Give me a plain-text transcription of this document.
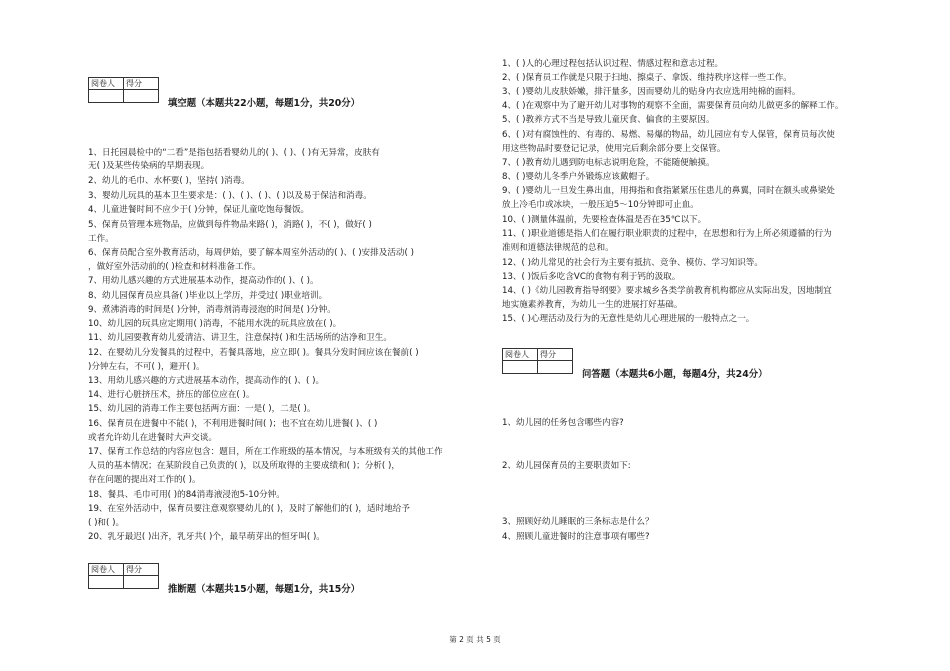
阅卷人	得分

填空题（本题共22小题，每题1分，共20分）
1、日托园晨检中的“二看”是指包括看婴幼儿的( )、( )、( )有无异常，皮肤有
无( )及某些传染病的早期表现。
2、幼儿的毛巾、水杯要( )，坚持( )消毒。
3、婴幼儿玩具的基本卫生要求是：( )、( )、( )、( )以及易于保洁和消毒。
4、儿童进餐时间不应少于( )分钟，保证儿童吃饱每餐饭。
5、保育员管理本班物品，应做到每件物品来路( )，消路( )，不( )，做好( )
工作。
6、保育员配合室外教育活动，每周伊始，要了解本周室外活动的( )、( )安排及活动( )
，做好室外活动前的( )检查和材料准备工作。
7、用幼儿感兴趣的方式进展基本动作，提高动作的( )、( )。
8、幼儿园保育员应具备( )毕业以上学历，并受过( )职业培训。
9、煮沸消毒的时间是( )分钟，消毒剂消毒浸泡的时间是( )分钟。
10、幼儿园的玩具应定期用( )消毒，不能用水洗的玩具应放在( )。
11、幼儿园要教育幼儿爱清洁、讲卫生，注意保持( )和生活场所的洁净和卫生。
12、在婴幼儿分发餐具的过程中，若餐具落地，应立即( )。餐具分发时间应该在餐前( )
)分钟左右，不可( )，避开( )。
13、用幼儿感兴趣的方式进展基本动作，提高动作的( )、( )。
14、进行心脏挤压术，挤压的部位应在( )。
15、幼儿园的消毒工作主要包括两方面：一是( )，二是( )。
16、保育员在进餐中不能( )，不利用进餐时间( )；也不宜在幼儿进餐( )、( )
或者允许幼儿在进餐时大声交谈。
17、保育工作总结的内容应包含：题目，所在工作班级的基本情况，与本班级有关的其他工作
人员的基本情况；在某阶段自己负责的( )，以及所取得的主要成绩和( )；分析( )，
存在问题的提出对工作的( )。
18、餐具、毛巾可用( )的84消毒液浸泡5-10分钟。
19、在室外活动中，保育员要注意观察婴幼儿的( )，及时了解他们的( )，适时地给予
( )和( )。
20、乳牙最迟( )出齐，乳牙共( )个，最早萌芽出的恒牙叫( )。
阅卷人	得分

推断题（本题共15小题，每题1分，共15分）
1、( )人的心理过程包括认识过程、情感过程和意志过程。
2、( )保育员工作就是只限于扫地、擦桌子、拿饭、维持秩序这样一些工作。
3、( )婴幼儿皮肤娇嫩，排汗量多，因而婴幼儿的贴身内衣应选用纯棉的面料。
4、( )在观察中为了避开幼儿对事物的观察不全面，需要保育员向幼儿做更多的解释工作。
5、( )教养方式不当是导致儿童厌食、偏食的主要原因。
6、( )对有腐蚀性的、有毒的、易燃、易爆的物品，幼儿园应有专人保管，保育员每次使
用这些物品时要登记记录，使用完后剩余部分要上交保管。
7、( )教育幼儿遇到防电标志说明危险，不能随便触摸。
8、( )婴幼儿冬季户外锻炼应该戴帽子。
9、( )婴幼儿一旦发生鼻出血，用拇指和食指紧紧压住患儿的鼻翼，同时在额头或鼻梁处
放上冷毛巾或冰块，一般压迫5～10分钟即可止血。
10、( )测量体温前，先要检查体温是否在35℃以下。
11、( )职业道德是指人们在履行职业职责的过程中，在思想和行为上所必须遵循的行为
准则和道德法律规范的总和。
12、( )幼儿常见的社会行为主要有抵抗、竞争、模仿、学习知识等。
13、( )饭后多吃含VC的食物有利于钙的汲取。
14、( )《幼儿园教育指导纲要》要求城乡各类学前教育机构都应从实际出发，因地制宜
地实施素养教育，为幼儿一生的进展打好基础。
15、( )心理活动及行为的无意性是幼儿心理进展的一般特点之一。
阅卷人	得分

问答题（本题共6小题，每题4分，共24分）
1、幼儿园的任务包含哪些内容?
2、幼儿园保育员的主要职责如下:
3、照顾好幼儿睡眠的三条标志是什么？
4、照顾儿童进餐时的注意事项有哪些?
第 2 页 共 5 页
